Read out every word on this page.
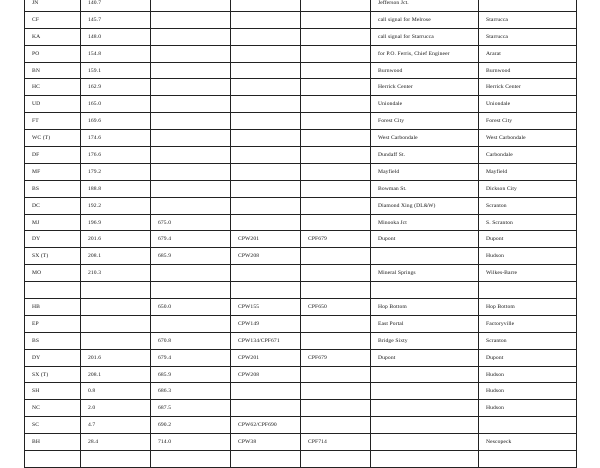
JN	140.7				Jefferson Jct.	
CF	145.7				call signal for Melrose	Starrucca
KA	148.0				call signal for Starrucca	Starrucca
PO	154.8				for P.O. Ferris, Chief Engineer	Ararat
BN	159.1				Burnwood	Burnwood
HC	162.9				Herrick Center	Herrick Center
UD	165.0				Uniondale	Uniondale
FT	169.6				Forest City	Forest City
WC (T)	174.6				West Carbondale	West Carbondale
DF	176.6				Dundaff St.	Carbondale
MF	179.2				Mayfield	Mayfield
BS	188.8				Bowman St.	Dickson City
DC	192.2				Diamond Xing (DL&W)	Scranton
MJ	196.9	675.0			Minooka Jct	S. Scranton
DY	201.6	679.4	CPW201	CPF679	Dupont	Dupont
SX (T)	208.1	685.9	CPW208			Hudson
MO	210.3				Mineral Springs	Wilkes-Barre

HB		650.0	CPW155	CPF650	Hop Bottom	Hop Bottom
EP			CPW149		East Portal	Factoryville
BS		670.8	CPW134/CPF671		Bridge Sixty	Scranton
DY	201.6	679.4	CPW201	CPF679	Dupont	Dupont
SX (T)	208.1	685.9	CPW208			Hudson
SH	0.8	686.3				Hudson
NC	2.0	687.5				Hudson
SC	4.7	690.2	CPW62/CPF690			
BH	28.4	714.0	CPW38	CPF714		Nescopeck
